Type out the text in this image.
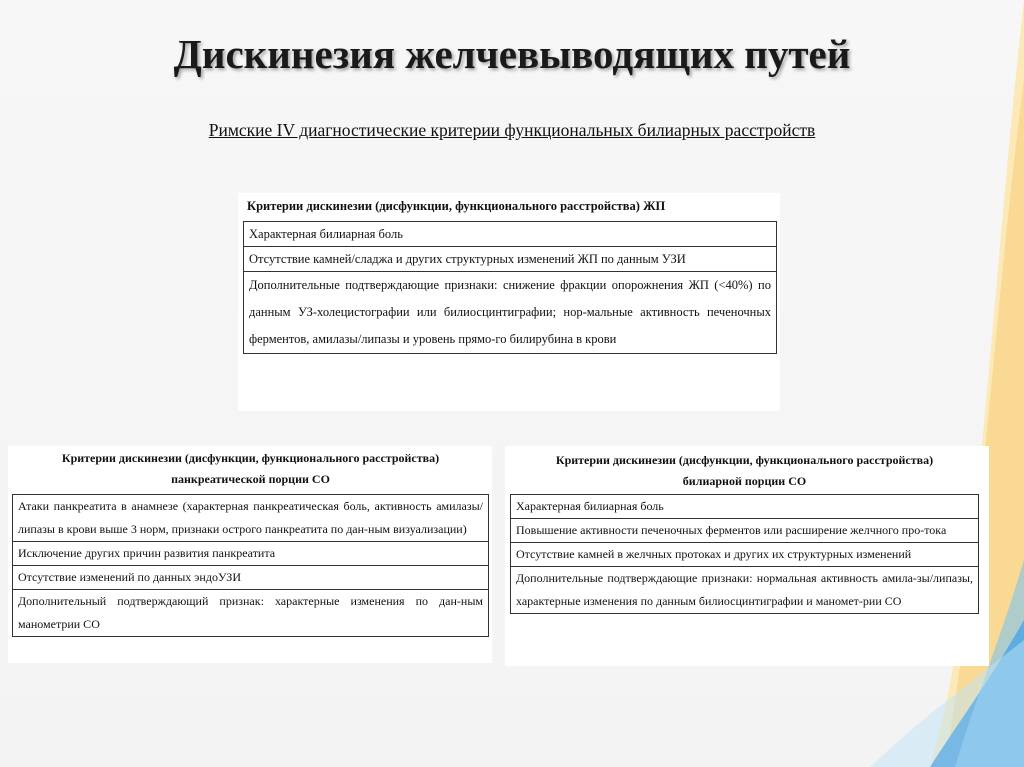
Дискинезия желчевыводящих путей

Римские IV диагностические критерии функциональных билиарных расстройств

Критерии дискинезии (дисфункции, функционального расстройства) ЖП
Характерная билиарная боль
Отсутствие камней/сладжа и других структурных изменений ЖП по данным УЗИ
Дополнительные подтверждающие признаки: снижение фракции опорожнения ЖП (<40%) по данным УЗ-холецистографии или билиосцинтиграфии; нор-мальные активность печеночных ферментов, амилазы/липазы и уровень прямо-го билирубина в крови
Критерии дискинезии (дисфункции, функционального расстройства) панкреатической порции СО
Атаки панкреатита в анамнезе (характерная панкреатическая боль, активность амилазы/липазы в крови выше 3 норм, признаки острого панкреатита по дан-ным визуализации)
Исключение других причин развития панкреатита
Отсутствие изменений по данных эндоУЗИ
Дополнительный подтверждающий признак: характерные изменения по дан-ным манометрии СО
Критерии дискинезии (дисфункции, функционального расстройства) билиарной порции СО
Характерная билиарная боль
Повышение активности печеночных ферментов или расширение желчного про-тока
Отсутствие камней в желчных протоках и других их структурных изменений
Дополнительные подтверждающие признаки: нормальная активность амила-зы/липазы, характерные изменения по данным билиосцинтиграфии и маномет-рии СО
